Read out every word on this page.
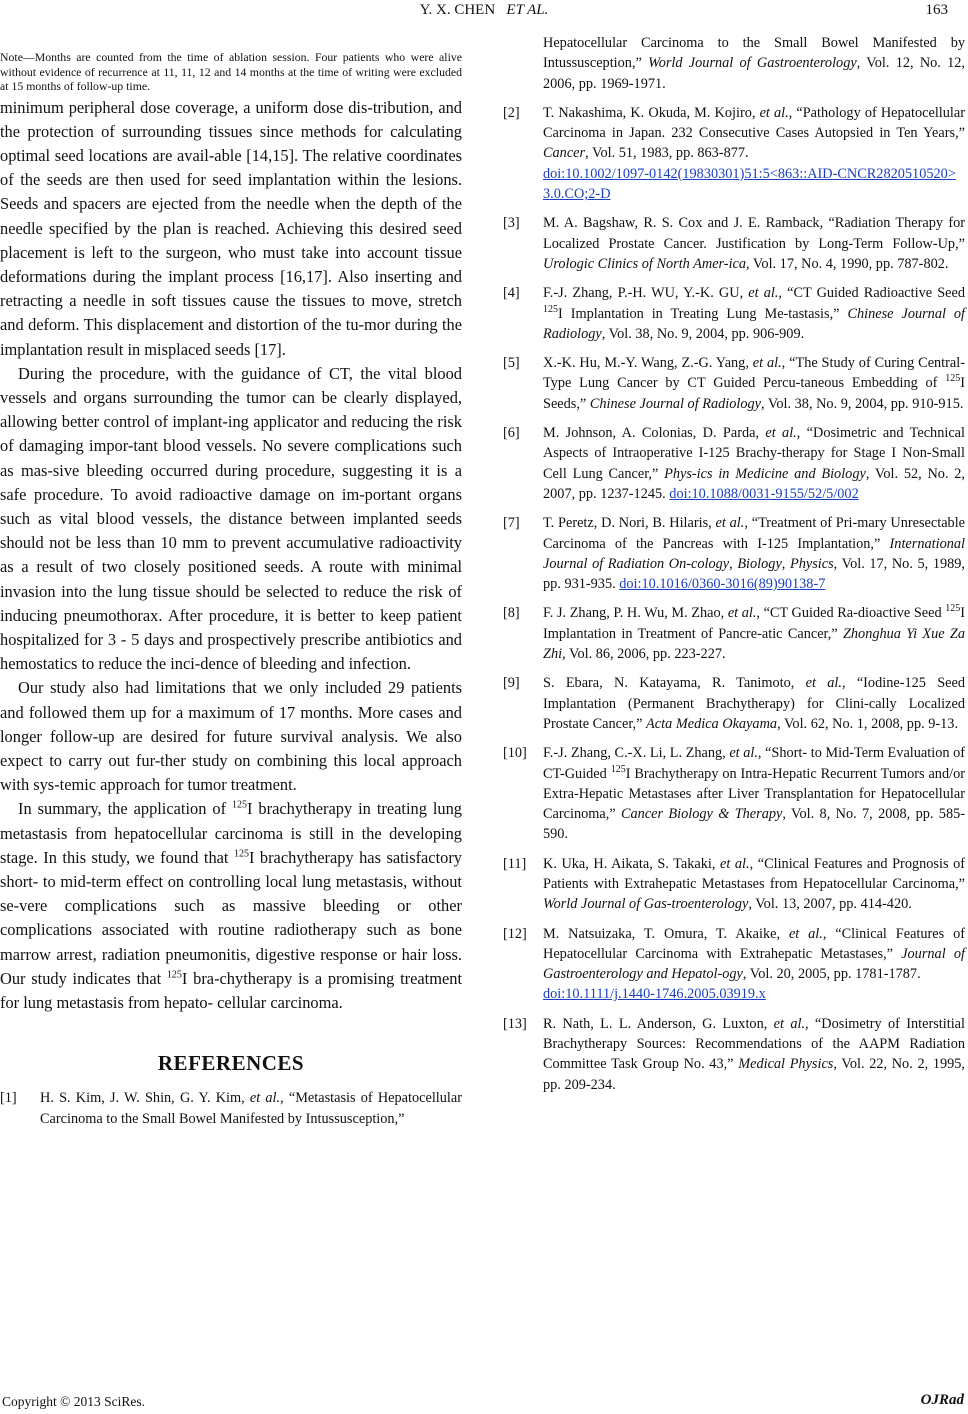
Y. X. CHEN ET AL.	163

Note—Months are counted from the time of ablation session. Four patients who were alive without evidence of recurrence at 11, 11, 12 and 14 months at the time of writing were excluded at 15 months of follow-up time.

minimum peripheral dose coverage, a uniform dose dis-tribution, and the protection of surrounding tissues since methods for calculating optimal seed locations are avail-able [14,15]. The relative coordinates of the seeds are then used for seed implantation within the lesions. Seeds and spacers are ejected from the needle when the depth of the needle specified by the plan is reached. Achieving this desired seed placement is left to the surgeon, who must take into account tissue deformations during the implant process [16,17]. Also inserting and retracting a needle in soft tissues cause the tissues to move, stretch and deform. This displacement and distortion of the tu-mor during the implantation result in misplaced seeds [17].

During the procedure, with the guidance of CT, the vital blood vessels and organs surrounding the tumor can be clearly displayed, allowing better control of implant-ing applicator and reducing the risk of damaging impor-tant blood vessels. No severe complications such as mas-sive bleeding occurred during procedure, suggesting it is a safe procedure. To avoid radioactive damage on im-portant organs such as vital blood vessels, the distance between implanted seeds should not be less than 10 mm to prevent accumulative radioactivity as a result of two closely positioned seeds. A route with minimal invasion into the lung tissue should be selected to reduce the risk of inducing pneumothorax. After procedure, it is better to keep patient hospitalized for 3 - 5 days and prospectively prescribe antibiotics and hemostatics to reduce the inci-dence of bleeding and infection.

Our study also had limitations that we only included 29 patients and followed them up for a maximum of 17 months. More cases and longer follow-up are desired for future survival analysis. We also expect to carry out fur-ther study on combining this local approach with sys-temic approach for tumor treatment.

In summary, the application of $^{125}$I brachytherapy in treating lung metastasis from hepatocellular carcinoma is still in the developing stage. In this study, we found that $^{125}$I brachytherapy has satisfactory short- to mid-term effect on controlling local lung metastasis, without se-vere complications such as massive bleeding or other complications associated with routine radiotherapy such as bone marrow arrest, radiation pneumonitis, digestive response or hair loss. Our study indicates that $^{125}$I bra-chytherapy is a promising treatment for lung metastasis from hepato- cellular carcinoma.

REFERENCES
[1] H. S. Kim, J. W. Shin, G. Y. Kim, et al., “Metastasis of Hepatocellular Carcinoma to the Small Bowel Manifested by Intussusception,”
Hepatocellular Carcinoma to the Small Bowel Manifested by Intussusception,” World Journal of Gastroenterology, Vol. 12, No. 12, 2006, pp. 1969-1971.
[2] T. Nakashima, K. Okuda, M. Kojiro, et al., “Pathology of Hepatocellular Carcinoma in Japan. 232 Consecutive Cases Autopsied in Ten Years,” Cancer, Vol. 51, 1983, pp. 863-877.
doi:10.1002/1097-0142(19830301)51:5<863::AID-CNCR2820510520>3.0.CO;2-D
[3] M. A. Bagshaw, R. S. Cox and J. E. Ramback, “Radiation Therapy for Localized Prostate Cancer. Justification by Long-Term Follow-Up,” Urologic Clinics of North Amer-ica, Vol. 17, No. 4, 1990, pp. 787-802.
[4] F.-J. Zhang, P.-H. WU, Y.-K. GU, et al., “CT Guided Radioactive Seed $^{125}$I Implantation in Treating Lung Me-tastasis,” Chinese Journal of Radiology, Vol. 38, No. 9, 2004, pp. 906-909.
[5] X.-K. Hu, M.-Y. Wang, Z.-G. Yang, et al., “The Study of Curing Central-Type Lung Cancer by CT Guided Percu-taneous Embedding of $^{125}$I Seeds,” Chinese Journal of Radiology, Vol. 38, No. 9, 2004, pp. 910-915.
[6] M. Johnson, A. Colonias, D. Parda, et al., “Dosimetric and Technical Aspects of Intraoperative I-125 Brachy-therapy for Stage I Non-Small Cell Lung Cancer,” Phys-ics in Medicine and Biology, Vol. 52, No. 2, 2007, pp. 1237-1245. doi:10.1088/0031-9155/52/5/002
[7] T. Peretz, D. Nori, B. Hilaris, et al., “Treatment of Pri-mary Unresectable Carcinoma of the Pancreas with I-125 Implantation,” International Journal of Radiation On-cology, Biology, Physics, Vol. 17, No. 5, 1989, pp. 931-935. doi:10.1016/0360-3016(89)90138-7
[8] F. J. Zhang, P. H. Wu, M. Zhao, et al., “CT Guided Ra-dioactive Seed $^{125}$I Implantation in Treatment of Pancre-atic Cancer,” Zhonghua Yi Xue Za Zhi, Vol. 86, 2006, pp. 223-227.
[9] S. Ebara, N. Katayama, R. Tanimoto, et al., “Iodine-125 Seed Implantation (Permanent Brachytherapy) for Clini-cally Localized Prostate Cancer,” Acta Medica Okayama, Vol. 62, No. 1, 2008, pp. 9-13.
[10] F.-J. Zhang, C.-X. Li, L. Zhang, et al., “Short- to Mid-Term Evaluation of CT-Guided $^{125}$I Brachytherapy on Intra-Hepatic Recurrent Tumors and/or Extra-Hepatic Metastases after Liver Transplantation for Hepatocellular Carcinoma,” Cancer Biology & Therapy, Vol. 8, No. 7, 2008, pp. 585-590.
[11] K. Uka, H. Aikata, S. Takaki, et al., “Clinical Features and Prognosis of Patients with Extrahepatic Metastases from Hepatocellular Carcinoma,” World Journal of Gas-troenterology, Vol. 13, 2007, pp. 414-420.
[12] M. Natsuizaka, T. Omura, T. Akaike, et al., “Clinical Features of Hepatocellular Carcinoma with Extrahepatic Metastases,” Journal of Gastroenterology and Hepatol-ogy, Vol. 20, 2005, pp. 1781-1787.
doi:10.1111/j.1440-1746.2005.03919.x
[13] R. Nath, L. L. Anderson, G. Luxton, et al., “Dosimetry of Interstitial Brachytherapy Sources: Recommendations of the AAPM Radiation Committee Task Group No. 43,” Medical Physics, Vol. 22, No. 2, 1995, pp. 209-234.
Copyright © 2013 SciRes.	OJRad
